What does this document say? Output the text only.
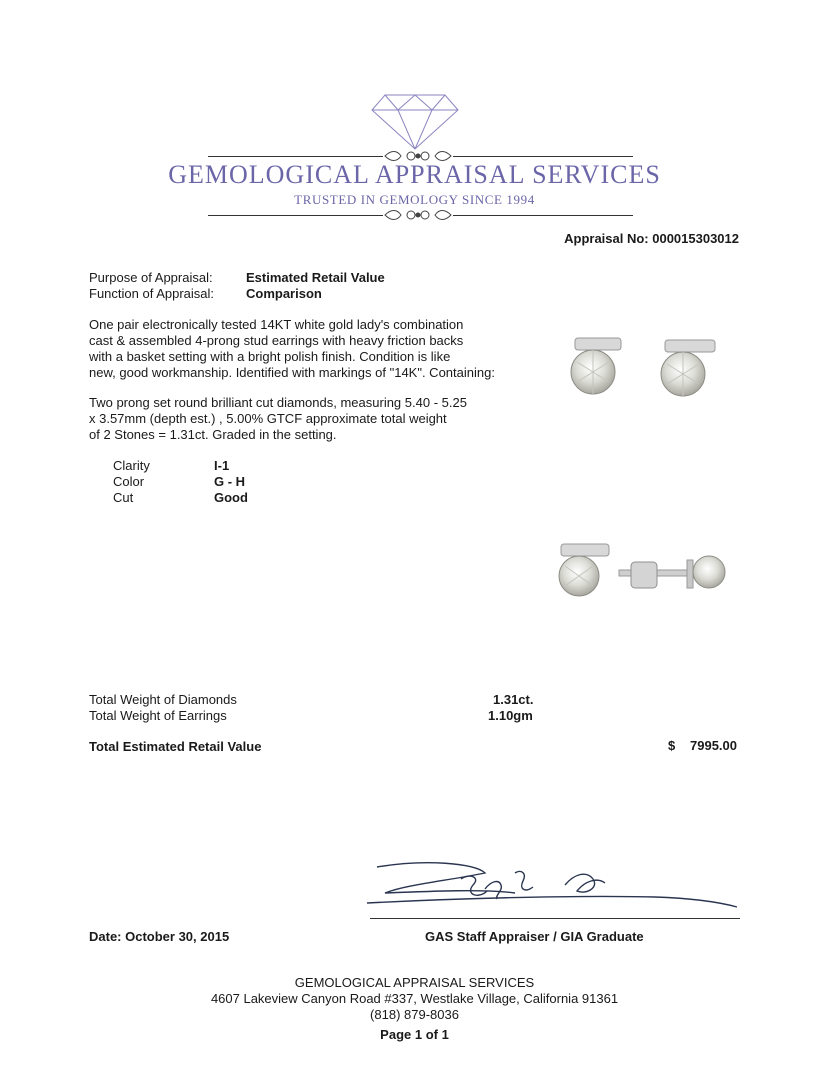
GEMOLOGICAL APPRAISAL SERVICES
TRUSTED IN GEMOLOGY SINCE 1994
Appraisal No: 000015303012
Purpose of Appraisal:	Estimated Retail Value
Function of Appraisal: Comparison
One pair electronically tested 14KT white gold lady's combination
cast & assembled 4-prong stud earrings with heavy friction backs
with a basket setting with a bright polish finish. Condition is like
new, good workmanship. Identified with markings of "14K". Containing:
Two prong set round brilliant cut diamonds, measuring 5.40 - 5.25
x 3.57mm (depth est.) , 5.00% GTCF approximate total weight
of 2 Stones = 1.31ct. Graded in the setting.
Clarity	I-1
Color	G - H
Cut	Good
Total Weight of Diamonds	1.31ct.
Total Weight of Earrings	1.10gm
Total Estimated Retail Value	$ 7995.00
Date: October 30, 2015	GAS Staff Appraiser / GIA Graduate
GEMOLOGICAL APPRAISAL SERVICES
4607 Lakeview Canyon Road #337, Westlake Village, California 91361
(818) 879-8036
Page 1 of 1
